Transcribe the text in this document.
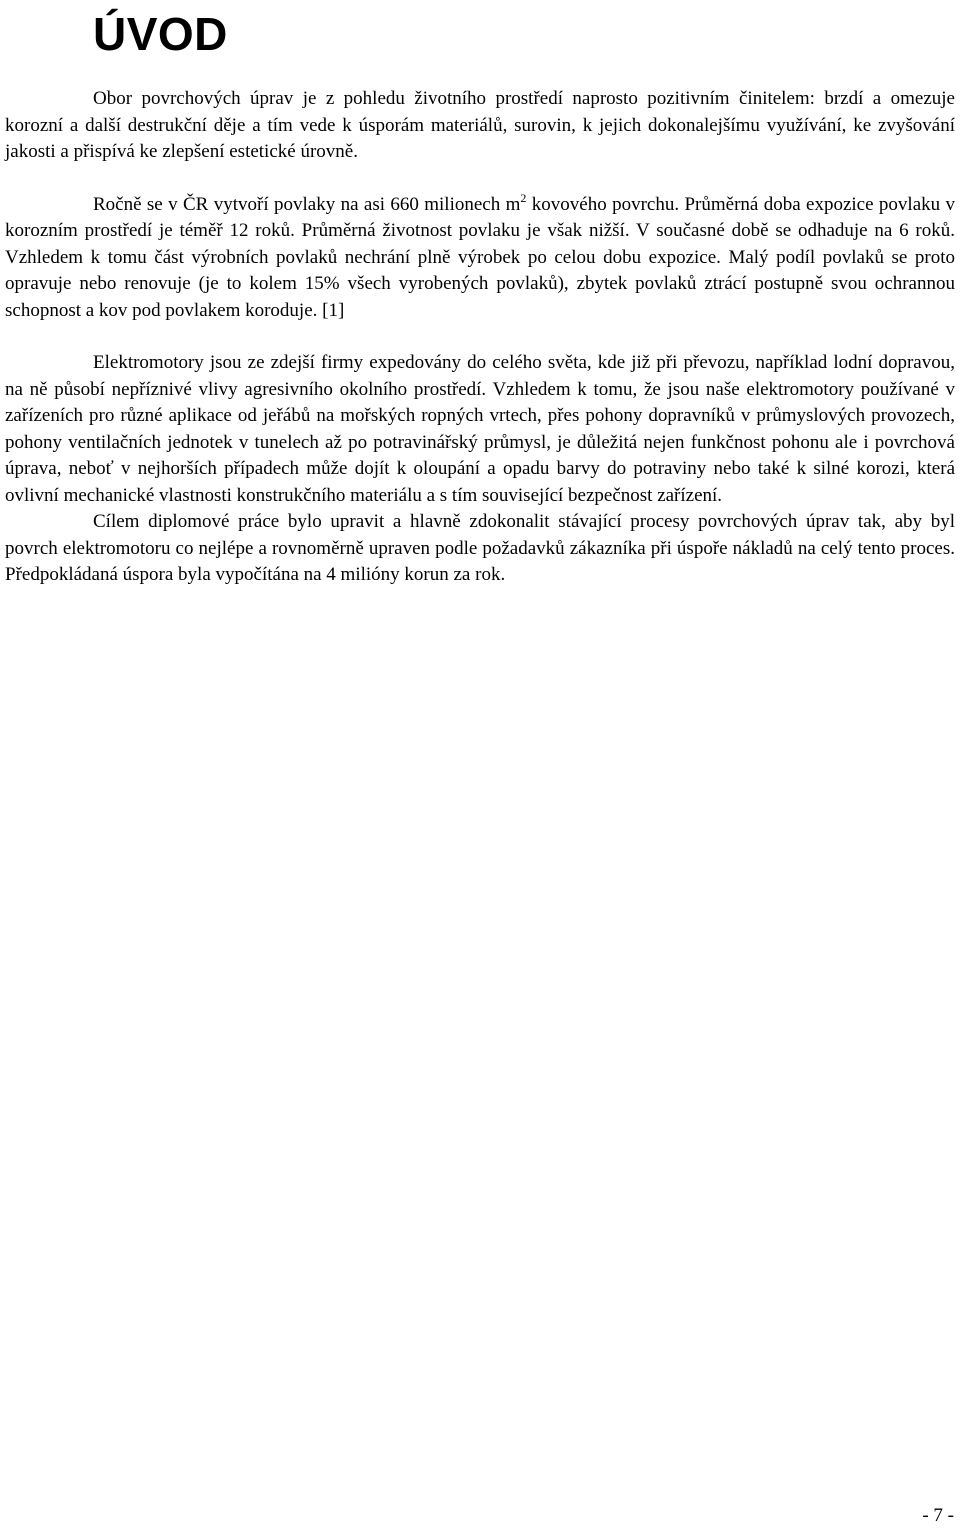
ÚVOD

Obor povrchových úprav je z pohledu životního prostředí naprosto pozitivním činitelem: brzdí a omezuje korozní a další destrukční děje a tím vede k úsporám materiálů, surovin, k jejich dokonalejšímu využívání, ke zvyšování jakosti a přispívá ke zlepšení estetické úrovně.

Ročně se v ČR vytvoří povlaky na asi 660 milionech $m^2$ kovového povrchu. Průměrná doba expozice povlaku v korozním prostředí je téměř 12 roků. Průměrná životnost povlaku je však nižší. V současné době se odhaduje na 6 roků. Vzhledem k tomu část výrobních povlaků nechrání plně výrobek po celou dobu expozice. Malý podíl povlaků se proto opravuje nebo renovuje (je to kolem 15% všech vyrobených povlaků), zbytek povlaků ztrácí postupně svou ochrannou schopnost a kov pod povlakem koroduje. [1]

Elektromotory jsou ze zdejší firmy expedovány do celého světa, kde již při převozu, například lodní dopravou, na ně působí nepříznivé vlivy agresivního okolního prostředí. Vzhledem k tomu, že jsou naše elektromotory používané v zařízeních pro různé aplikace od jeřábů na mořských ropných vrtech, přes pohony dopravníků v průmyslových provozech, pohony ventilačních jednotek v tunelech až po potravinářský průmysl, je důležitá nejen funkčnost pohonu ale i povrchová úprava, neboť v nejhorších případech může dojít k oloupání a opadu barvy do potraviny nebo také k silné korozi, která ovlivní mechanické vlastnosti konstrukčního materiálu a s tím související bezpečnost zařízení.

Cílem diplomové práce bylo upravit a hlavně zdokonalit stávající procesy povrchových úprav tak, aby byl povrch elektromotoru co nejlépe a rovnoměrně upraven podle požadavků zákazníka při úspoře nákladů na celý tento proces. Předpokládaná úspora byla vypočítána na 4 milióny korun za rok.

- 7 -
